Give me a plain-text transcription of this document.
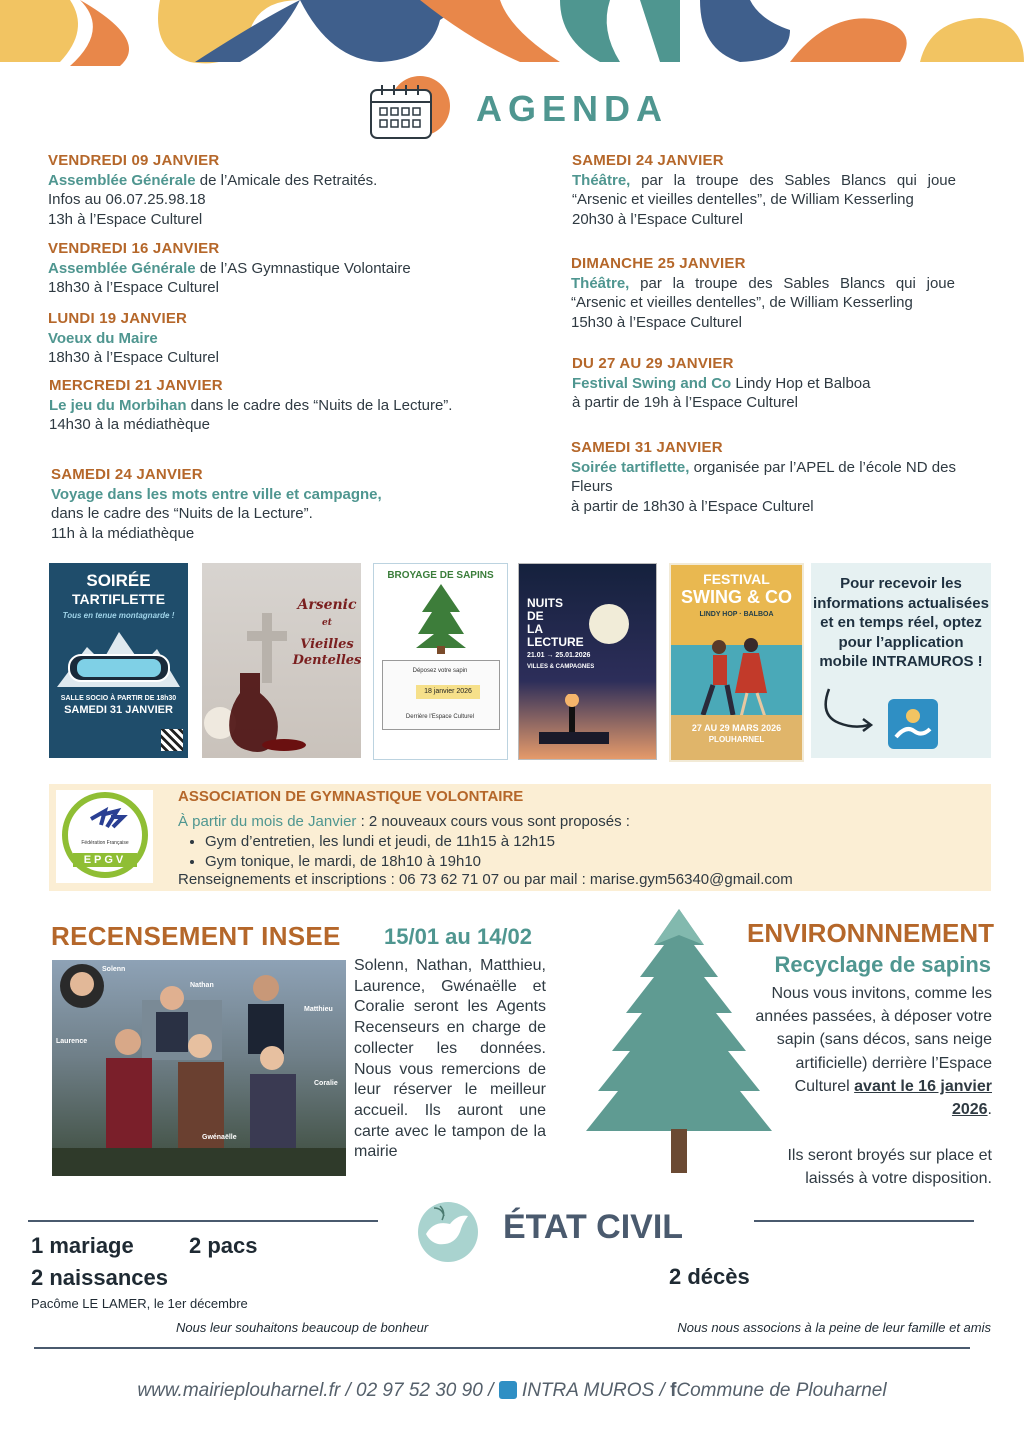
AGENDA
VENDREDI 09 JANVIER
Assemblée Générale de l’Amicale des Retraités.
Infos au 06.07.25.98.18
13h à l’Espace Culturel
VENDREDI 16 JANVIER
Assemblée Générale de l’AS Gymnastique Volontaire
18h30 à l’Espace Culturel
LUNDI 19 JANVIER
Voeux du Maire
18h30 à l’Espace Culturel
MERCREDI 21 JANVIER
Le jeu du Morbihan dans le cadre des “Nuits de la Lecture”.
14h30 à la médiathèque
SAMEDI 24 JANVIER
Voyage dans les mots entre ville et campagne,
dans le cadre des “Nuits de la Lecture”.
11h à la médiathèque
SAMEDI 24 JANVIER
Théâtre, par la troupe des Sables Blancs qui joue “Arsenic et vieilles dentelles”, de William Kesserling
20h30 à l’Espace Culturel
DIMANCHE 25 JANVIER
Théâtre, par la troupe des Sables Blancs qui joue “Arsenic et vieilles dentelles”, de William Kesserling
15h30 à l’Espace Culturel
DU 27 AU 29 JANVIER
Festival Swing and Co Lindy Hop et Balboa
à partir de 19h à l’Espace Culturel
SAMEDI 31 JANVIER
Soirée tartiflette, organisée par l’APEL de l’école ND des Fleurs
à partir de 18h30 à l’Espace Culturel
SOIRÉE
TARTIFLETTE
Tous en tenue montagnarde !
SALLE SOCIO À PARTIR DE 18h30
SAMEDI 31 JANVIER
Arsenic
et
Vieilles
Dentelles
BROYAGE DE SAPINS
Déposez votre sapin
18 janvier 2026
Derrière l'Espace Culturel
NUITS
DE
LA
LECTURE
21.01 → 25.01.2026
VILLES & CAMPAGNES
FESTIVAL
SWING & CO
LINDY HOP · BALBOA
27 AU 29 MARS 2026
PLOUHARNEL
Pour recevoir les informations actualisées et en temps réel, optez pour l’application mobile INTRAMUROS !
Fédération Française
EPGV
ASSOCIATION DE GYMNASTIQUE VOLONTAIRE
À partir du mois de Janvier : 2 nouveaux cours vous sont proposés :
• Gym d’entretien, les lundi et jeudi, de 11h15 à 12h15
• Gym tonique, le mardi, de 18h10 à 19h10
Renseignements et inscriptions : 06 73 62 71 07 ou par mail : marise.gym56340@gmail.com
RECENSEMENT INSEE 15/01 au 14/02
Solenn
Nathan
Matthieu
Laurence
Coralie
Gwénaëlle
Solenn, Nathan, Matthieu, Laurence, Gwénaëlle et Coralie seront les Agents Recenseurs en charge de collecter les données. Nous vous remercions de leur réserver le meilleur accueil. Ils auront une carte avec le tampon de la mairie
ENVIRONNNEMENT
Recyclage de sapins
Nous vous invitons, comme les années passées, à déposer votre sapin (sans décos, sans neige artificielle) derrière l’Espace Culturel avant le 16 janvier 2026.
Ils seront broyés sur place et laissés à votre disposition.
ÉTAT CIVIL
1 mariage	2 pacs
2 naissances
Pacôme LE LAMER, le 1er décembre
2 décès
Nous leur souhaitons beaucoup de bonheur	Nous nous associons à la peine de leur famille et amis
www.mairieplouharnel.fr / 02 97 52 30 90 / INTRA MUROS / fCommune de Plouharnel
